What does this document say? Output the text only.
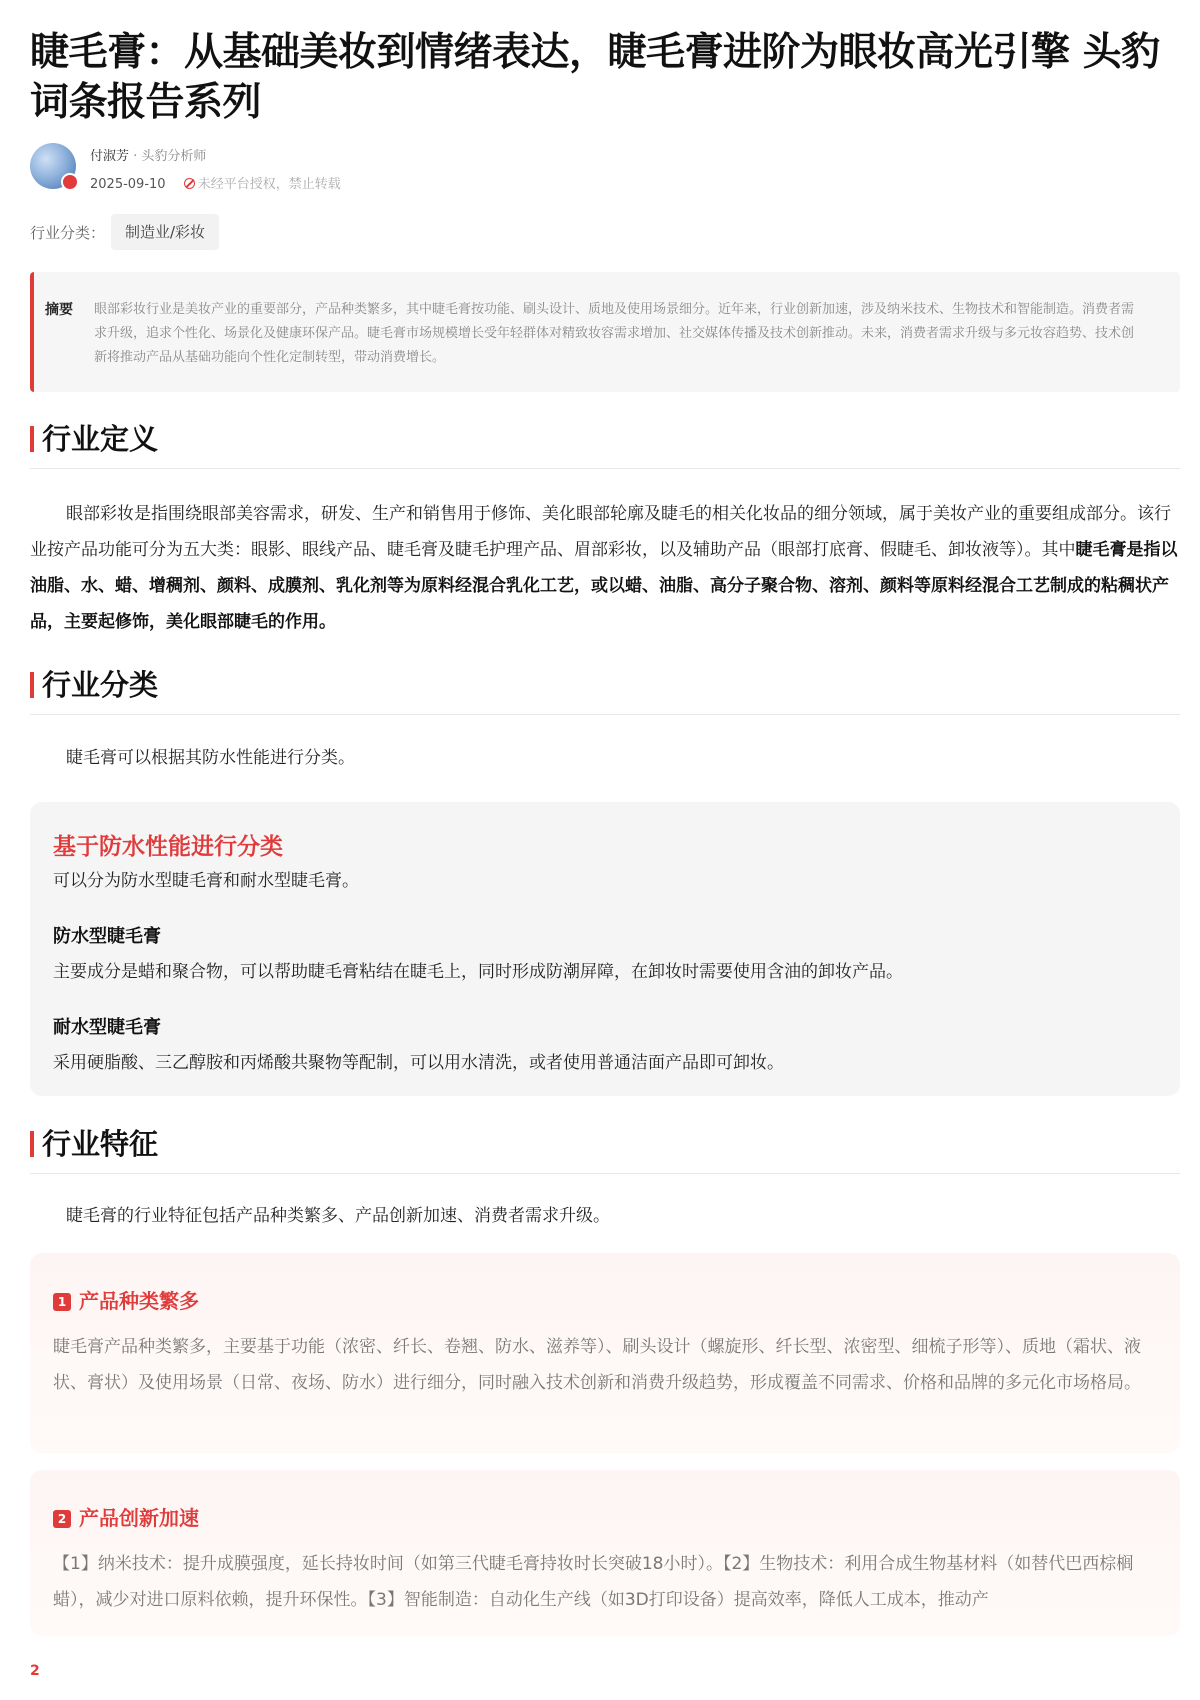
睫毛膏：从基础美妆到情绪表达，睫毛膏进阶为眼妆高光引擎 头豹词条报告系列
付淑芳 · 头豹分析师
2025-09-10 未经平台授权，禁止转载
行业分类：	制造业/彩妆
摘要 眼部彩妆行业是美妆产业的重要部分，产品种类繁多，其中睫毛膏按功能、刷头设计、质地及使用场景细分。近年来，行业创新加速，涉及纳米技术、生物技术和智能制造。消费者需求升级，追求个性化、场景化及健康环保产品。睫毛膏市场规模增长受年轻群体对精致妆容需求增加、社交媒体传播及技术创新推动。未来，消费者需求升级与多元妆容趋势、技术创新将推动产品从基础功能向个性化定制转型，带动消费增长。
行业定义
眼部彩妆是指围绕眼部美容需求，研发、生产和销售用于修饰、美化眼部轮廓及睫毛的相关化妆品的细分领域，属于美妆产业的重要组成部分。该行业按产品功能可分为五大类：眼影、眼线产品、睫毛膏及睫毛护理产品、眉部彩妆，以及辅助产品（眼部打底膏、假睫毛、卸妆液等）。其中睫毛膏是指以油脂、水、蜡、增稠剂、颜料、成膜剂、乳化剂等为原料经混合乳化工艺，或以蜡、油脂、高分子聚合物、溶剂、颜料等原料经混合工艺制成的粘稠状产品，主要起修饰，美化眼部睫毛的作用。
行业分类
睫毛膏可以根据其防水性能进行分类。
基于防水性能进行分类
可以分为防水型睫毛膏和耐水型睫毛膏。
防水型睫毛膏
主要成分是蜡和聚合物，可以帮助睫毛膏粘结在睫毛上，同时形成防潮屏障，在卸妆时需要使用含油的卸妆产品。
耐水型睫毛膏
采用硬脂酸、三乙醇胺和丙烯酸共聚物等配制，可以用水清洗，或者使用普通洁面产品即可卸妆。
行业特征
睫毛膏的行业特征包括产品种类繁多、产品创新加速、消费者需求升级。
1 产品种类繁多
睫毛膏产品种类繁多，主要基于功能（浓密、纤长、卷翘、防水、滋养等）、刷头设计（螺旋形、纤长型、浓密型、细梳子形等）、质地（霜状、液状、膏状）及使用场景（日常、夜场、防水）进行细分，同时融入技术创新和消费升级趋势，形成覆盖不同需求、价格和品牌的多元化市场格局。
2 产品创新加速
【1】纳米技术：提升成膜强度，延长持妆时间（如第三代睫毛膏持妆时长突破18小时）。【2】生物技术：利用合成生物基材料（如替代巴西棕榈蜡），减少对进口原料依赖，提升环保性。【3】智能制造：自动化生产线（如3D打印设备）提高效率，降低人工成本，推动产
2
